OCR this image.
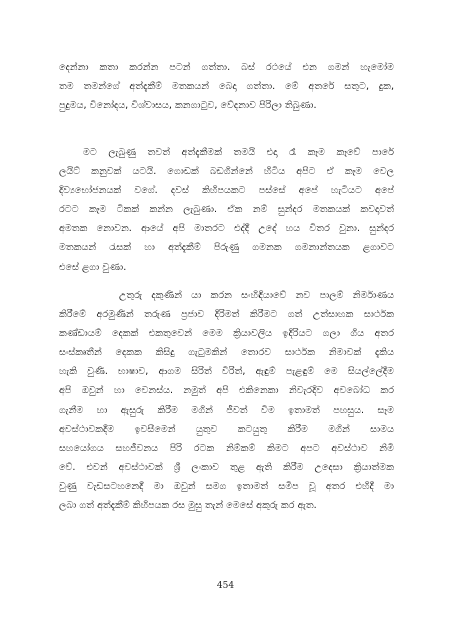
දෙන්නා කතා කරන්න පටන් ගත්තා. බස් රථයේ එන ගමන් හැමෝම
තම තමන්ගේ අත්දැකීම් මතකයන් බෙදා ගත්තා. මේ අතරේ සතුට, දුක,
පුදුමය, විනෝදය, විශ්වාසය, කනගාටුව, වේදනාව පිරිලා තිබුණා.
මට ලැබුණු තවත් අත්දැකීමක් තමයි එදා රෑ කෑම කෑවේ පාරේ
ලයිට් කනුවක් යටයි. ගොඩක් බඩගින්නේ හිටිය අපිට ඒ කෑම වෙල
දිව්‍යභෝජනයක් වගේ. දවස් කිහිපයකට පස්සේ අපේ හැටියට අපේ
රටට කෑම ටිකක් කන්න ලැබුණා. ඒක නම් සුන්දර මතකයක් කවදාවත්
අමතක නොවන. ආයේ අපි මාතරට එද්දී උදේ හය විතර වුනා. සුන්දර
මතකයන් රැසක් හා අත්දැකීම් පිරුණු ගමනක ගමනාන්තයක ළගාවට
එසේ ළගා වුණා.
උතුරු දකුණින් යා කරන සංහිඳියාවේ නව පාලම් නිර්මාණය
කිරීමේ අරමුණින් තරුණ ප්‍රජාව දිරිමත් කිරීමට ගත් උත්සාහක සාර්ථක
කණ්ඩායම් දෙකක් එකතුවෙන් මෙම ක්‍රියාවලිය ඉදිරියට ගලා ගිය අතර
සංස්කෘතීන් දෙකක කිසිදු ගැටුමකින් තොරව සාර්ථක නිමාවක් දැකිය
හැකි වුණි. භාෂාව, ආගම සිරිත් විරිත්, ඇඳුම් පැළඳුම් මෙ සියල්ලේදීම
අපි ඔවුන් හා වෙනස්ය. නමුත් අපි එකිනෙකා නිවැරදිව අවබෝධ කර
ගැනීම හා ඇසුරු කිරීම මගින් ජීවත් වීම ඉතාමත් පහසුය. සෑම
අවස්ථාවකදීම ඉවසීමෙන් යුතුව කටයුතු කිරීම මගින් සාමය
සහයෝගය සහජීවනය පිරි රටක නිම්කම් කිමට අපට අවස්ථාව නිමි
වේ. එවන් අවස්ථාවක් ශ්‍රී ලංකාව තුළ ඇති කිරීම උදෙසා ක්‍රියාත්මක
වුණු වැඩසටහනෙදී මා ඔවුන් සමග ඉතාමත් සමීප වූ අතර එහිදී මා
ලබා ගත් අත්දැකීම් කිහිපයක රස මුසු තැන් මෙසේ අකුරු කර ඇත.
454
